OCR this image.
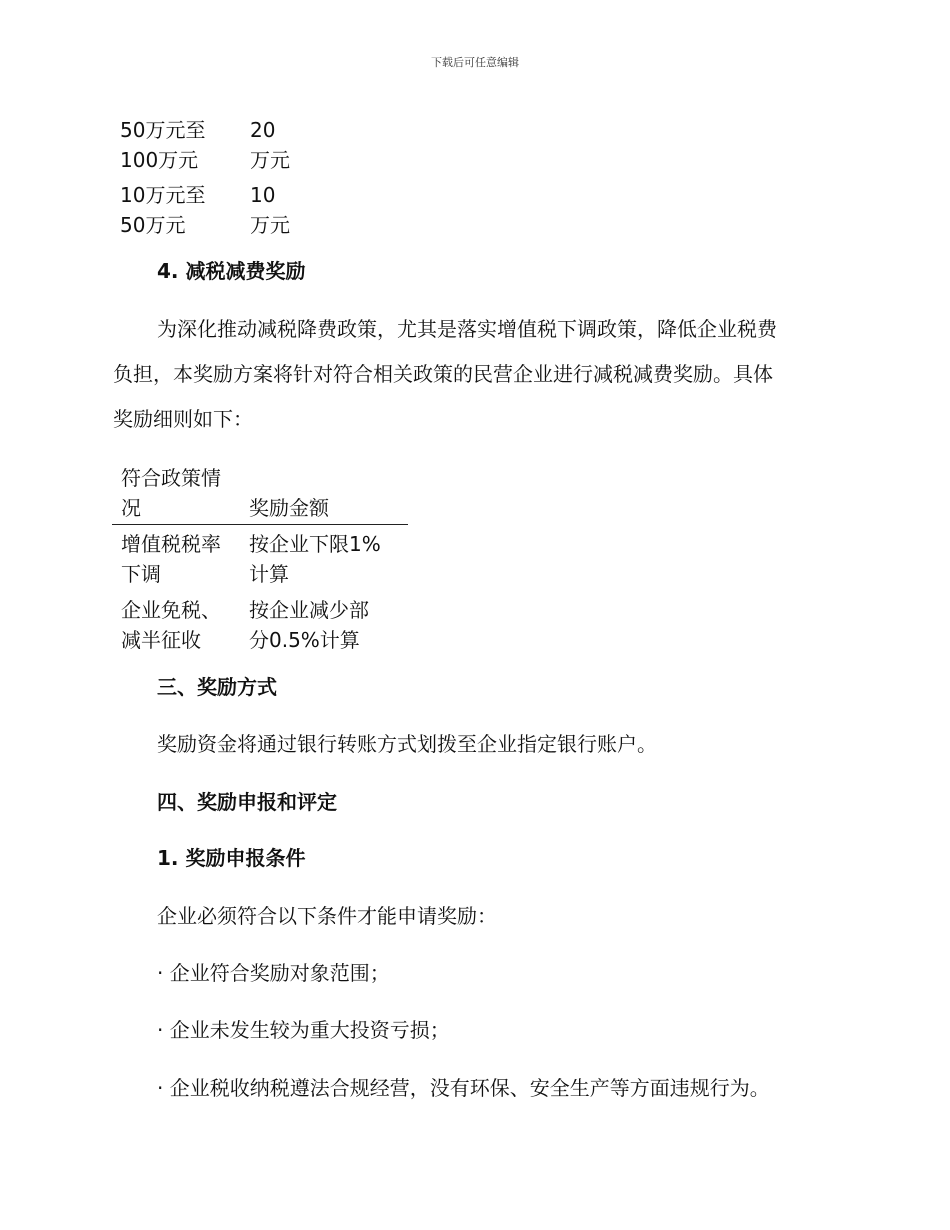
下载后可任意编辑
50万元至
100万元
20
万元
10万元至
50万元
10
万元
4. 减税减费奖励
为深化推动减税降费政策，尤其是落实增值税下调政策，降低企业税费
负担，本奖励方案将针对符合相关政策的民营企业进行减税减费奖励。具体
奖励细则如下：
符合政策情
况	奖励金额
增值税税率
下调
按企业下限1%
计算
企业免税、
减半征收
按企业减少部
分0.5%计算
三、奖励方式
奖励资金将通过银行转账方式划拨至企业指定银行账户。
四、奖励申报和评定
1. 奖励申报条件
企业必须符合以下条件才能申请奖励：
· 企业符合奖励对象范围；
· 企业未发生较为重大投资亏损；
· 企业税收纳税遵法合规经营，没有环保、安全生产等方面违规行为。
